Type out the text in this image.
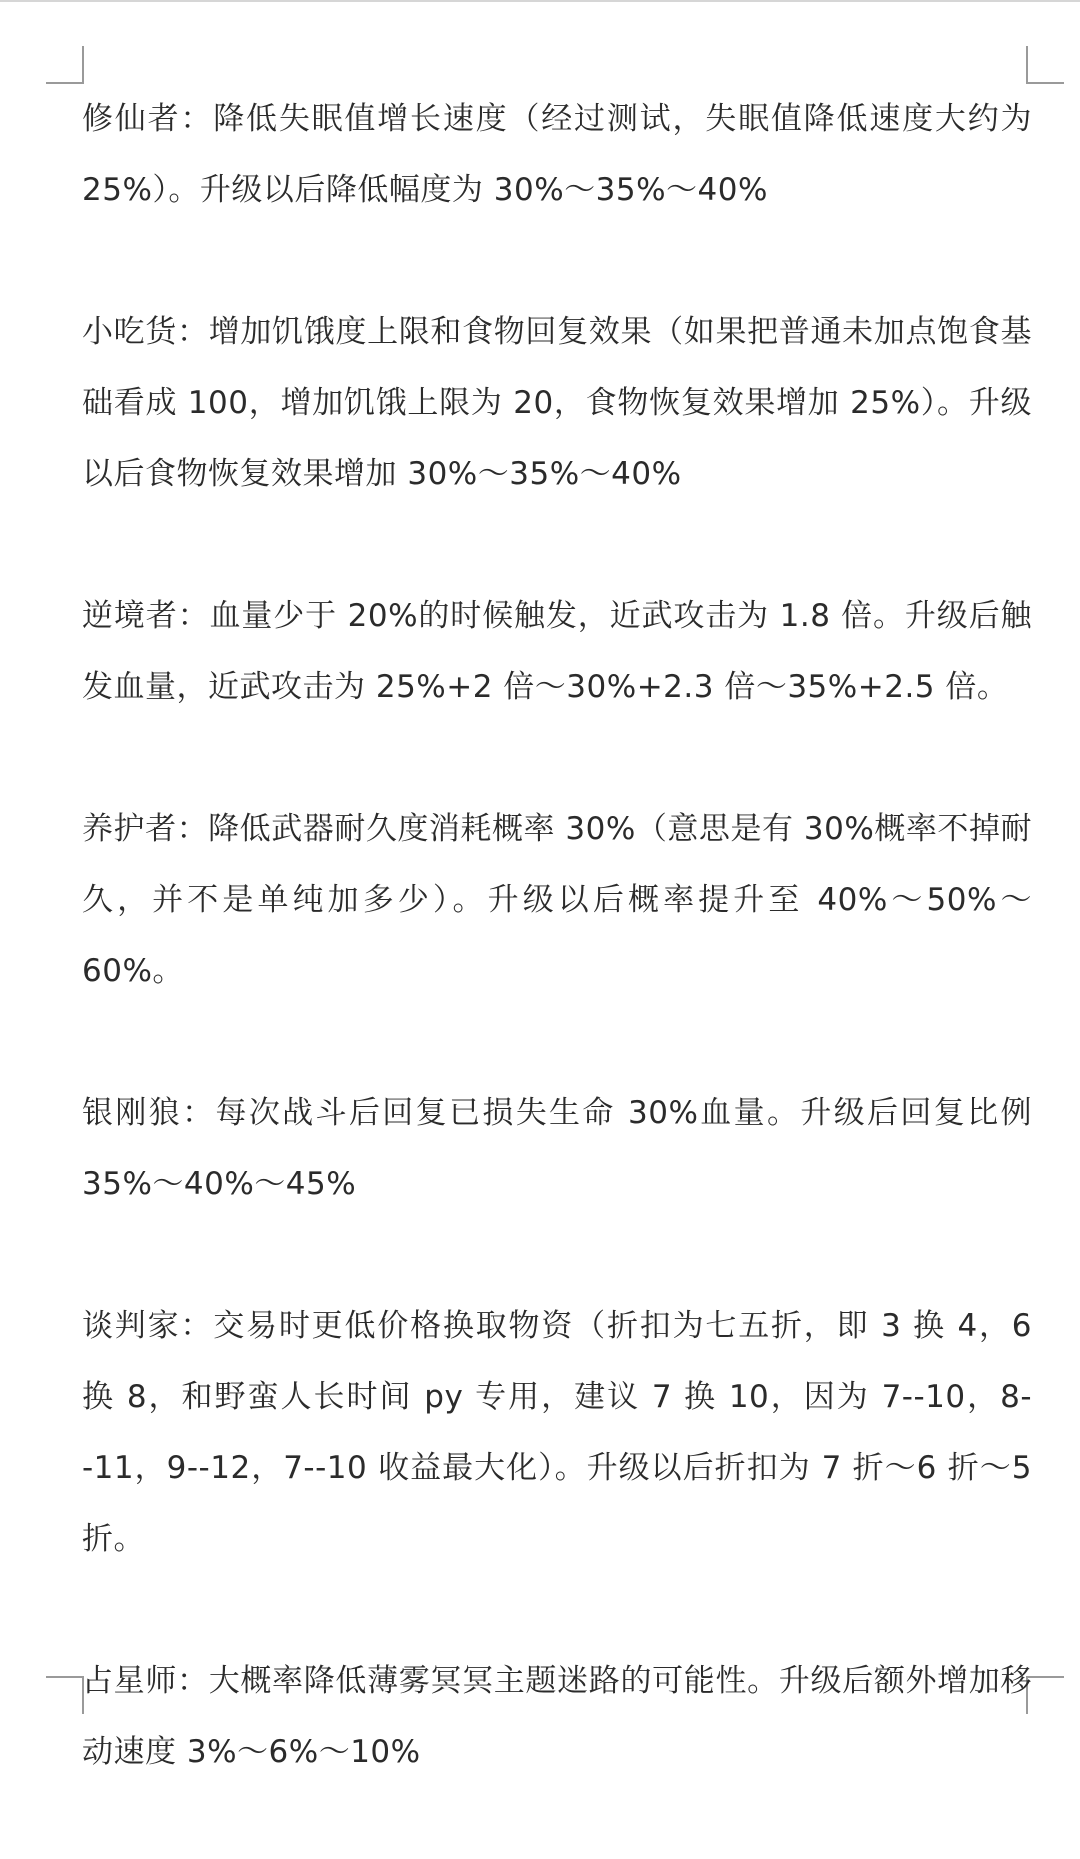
修仙者：降低失眠值增长速度（经过测试，失眠值降低速度大约为 25%）。升级以后降低幅度为 30%～35%～40%

小吃货：增加饥饿度上限和食物回复效果（如果把普通未加点饱食基础看成 100，增加饥饿上限为 20，食物恢复效果增加 25%）。升级以后食物恢复效果增加 30%～35%～40%

逆境者：血量少于 20%的时候触发，近武攻击为 1.8 倍。升级后触发血量，近武攻击为 25%+2 倍～30%+2.3 倍～35%+2.5 倍。

养护者：降低武器耐久度消耗概率 30%（意思是有 30%概率不掉耐久，并不是单纯加多少）。升级以后概率提升至 40%～50%～60%。

银刚狼：每次战斗后回复已损失生命 30%血量。升级后回复比例 35%～40%～45%

谈判家：交易时更低价格换取物资（折扣为七五折，即 3 换 4，6 换 8，和野蛮人长时间 py 专用，建议 7 换 10，因为 7--10，8--11，9--12，7--10 收益最大化）。升级以后折扣为 7 折～6 折～5 折。

占星师：大概率降低薄雾冥冥主题迷路的可能性。升级后额外增加移动速度 3%～6%～10%
